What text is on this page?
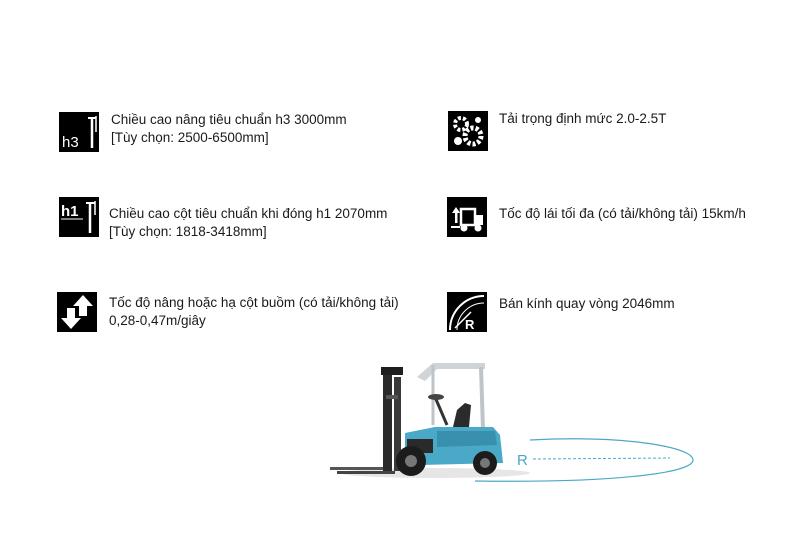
h3
Chiều cao nâng tiêu chuẩn h3 3000mm
[Tùy chọn: 2500-6500mm]
Tải trọng định mức 2.0-2.5T
h1 Chiều cao cột tiêu chuẩn khi đóng h1 2070mm
[Tùy chọn: 1818-3418mm]
Tốc độ lái tối đa (có tải/không tải) 15km/h
Tốc độ nâng hoặc hạ cột buồm (có tải/không tải)
0,28-0,47m/giây	R
Bán kính quay vòng 2046mm
R
